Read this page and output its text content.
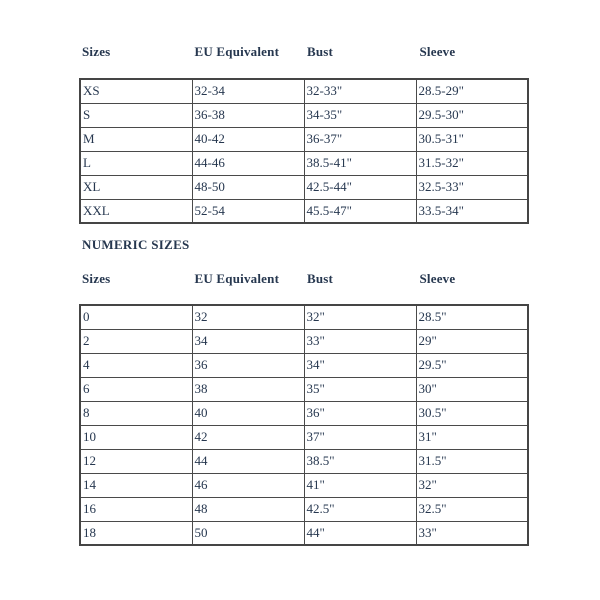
Sizes	EU Equivalent	Bust	Sleeve
XS	32-34	32-33"	28.5-29"
S	36-38	34-35"	29.5-30"
M	40-42	36-37"	30.5-31"
L	44-46	38.5-41"	31.5-32"
XL	48-50	42.5-44"	32.5-33"
XXL	52-54	45.5-47"	33.5-34"
NUMERIC SIZES
Sizes	EU Equivalent	Bust	Sleeve
0	32	32"	28.5"
2	34	33"	29"
4	36	34"	29.5"
6	38	35"	30"
8	40	36"	30.5"
10	42	37"	31"
12	44	38.5"	31.5"
14	46	41"	32"
16	48	42.5"	32.5"
18	50	44"	33"
